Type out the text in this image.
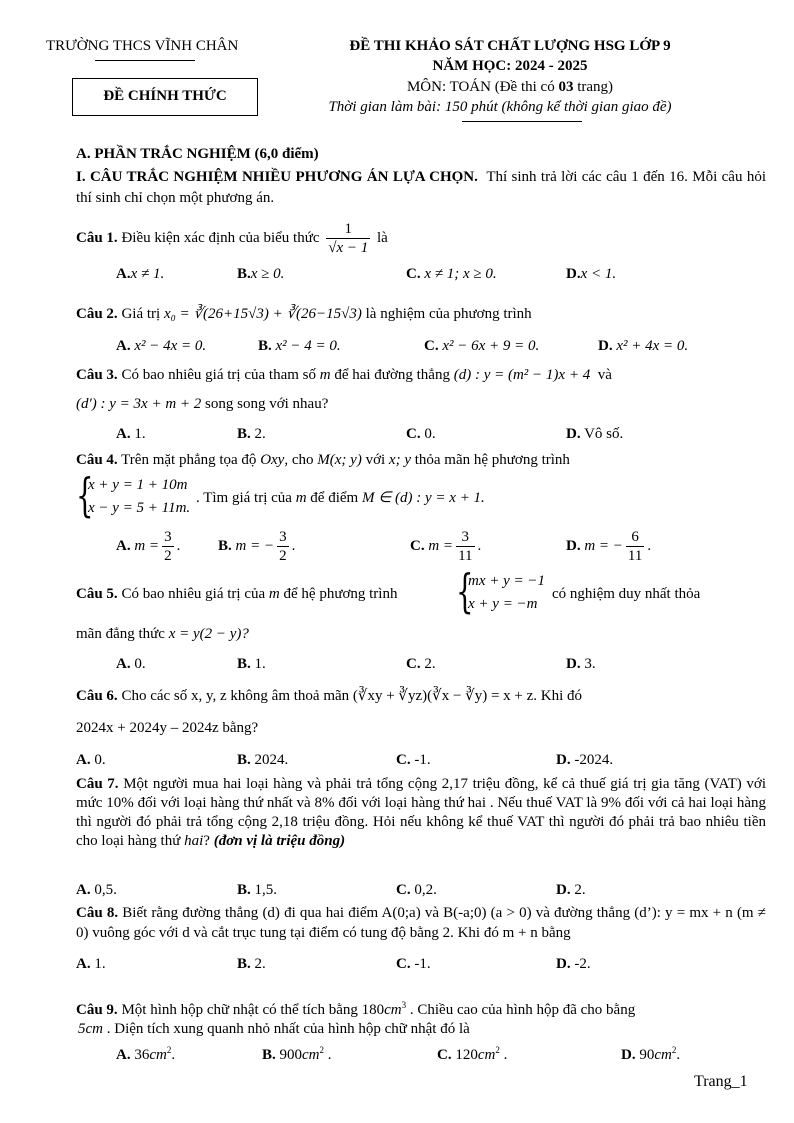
TRƯỜNG THCS VĨNH CHÂN
ĐỀ CHÍNH THỨC
ĐỀ THI KHẢO SÁT CHẤT LƯỢNG HSG LỚP 9
NĂM HỌC: 2024 - 2025
MÔN: TOÁN (Đề thi có 03 trang)
Thời gian làm bài: 150 phút (không kể thời gian giao đề)
A. PHẦN TRẮC NGHIỆM (6,0 điểm)
I. CÂU TRẮC NGHIỆM NHIỀU PHƯƠNG ÁN LỰA CHỌN. Thí sinh trả lời các câu 1 đến 16. Mỗi câu hỏi thí sinh chỉ chọn một phương án.
Câu 1. Điều kiện xác định của biểu thức $\frac{1}{√x - 1}$ là
A.x ≠ 1.	B.x ≥ 0.	C. x ≠ 1; x ≥ 0.	D.x < 1.
Câu 2. Giá trị x₀ = ∛(26+15√3) + ∛(26−15√3) là nghiệm của phương trình
A. x² − 4x = 0.	B. x² − 4 = 0.	C. x² − 6x + 9 = 0.	D. x² + 4x = 0.
Câu 3. Có bao nhiêu giá trị của tham số m để hai đường thẳng (d) : y = (m² − 1)x + 4 và
(d′) : y = 3x + m + 2 song song với nhau?
A. 1.	B. 2.	C. 0.	D. Vô số.
Câu 4. Trên mặt phẳng tọa độ Oxy, cho M(x; y) với x; y thỏa mãn hệ phương trình
{
x + y = 1 + 10m
x − y = 5 + 11m.
. Tìm giá trị của m để điểm M ∈ (d) : y = x + 1.
A. $m = \frac{3}{2}$ .	B. m = − $\frac{3}{2}$ .	C. $m = \frac{3}{11}$ .	D. m = − $\frac{6}{11}$ .
Câu 5. Có bao nhiêu giá trị của m để hệ phương trình {
mx + y = −1
x + y = −m
có nghiệm duy nhất thỏa
mãn đẳng thức x = y(2 − y)?
A. 0.	B. 1.	C. 2.	D. 3.
Câu 6. Cho các số x, y, z không âm thoả mãn (∛xy + ∛yz)(∛x − ∛y) = x + z. Khi đó
2024x + 2024y – 2024z bằng?
A. 0.	B. 2024.	C. -1.	D. -2024.
Câu 7. Một người mua hai loại hàng và phải trả tổng cộng 2,17 triệu đồng, kể cả thuế giá trị gia tăng (VAT) với mức 10% đối với loại hàng thứ nhất và 8% đối với loại hàng thứ hai . Nếu thuế VAT là 9% đối với cả hai loại hàng thì người đó phải trả tổng cộng 2,18 triệu đồng. Hỏi nếu không kể thuế VAT thì người đó phải trả bao nhiêu tiền cho loại hàng thứ hai? (đơn vị là triệu đồng)
A. 0,5.	B. 1,5.	C. 0,2.	D. 2.
Câu 8. Biết rằng đường thẳng (d) đi qua hai điểm A(0;a) và B(-a;0) (a > 0) và đường thẳng (d’): y = mx + n (m ≠ 0) vuông góc với d và cắt trục tung tại điểm có tung độ bằng 2. Khi đó m + n bằng
A. 1.	B. 2.	C. -1.	D. -2.
Câu 9. Một hình hộp chữ nhật có thể tích bằng $180cm^3$ . Chiều cao của hình hộp đã cho bằng
5cm . Diện tích xung quanh nhỏ nhất của hình hộp chữ nhật đó là
A. $36cm^2$.	B. $900cm^2$ .	C. $120cm^2$ .	D. $90cm^2$.
Trang_1
